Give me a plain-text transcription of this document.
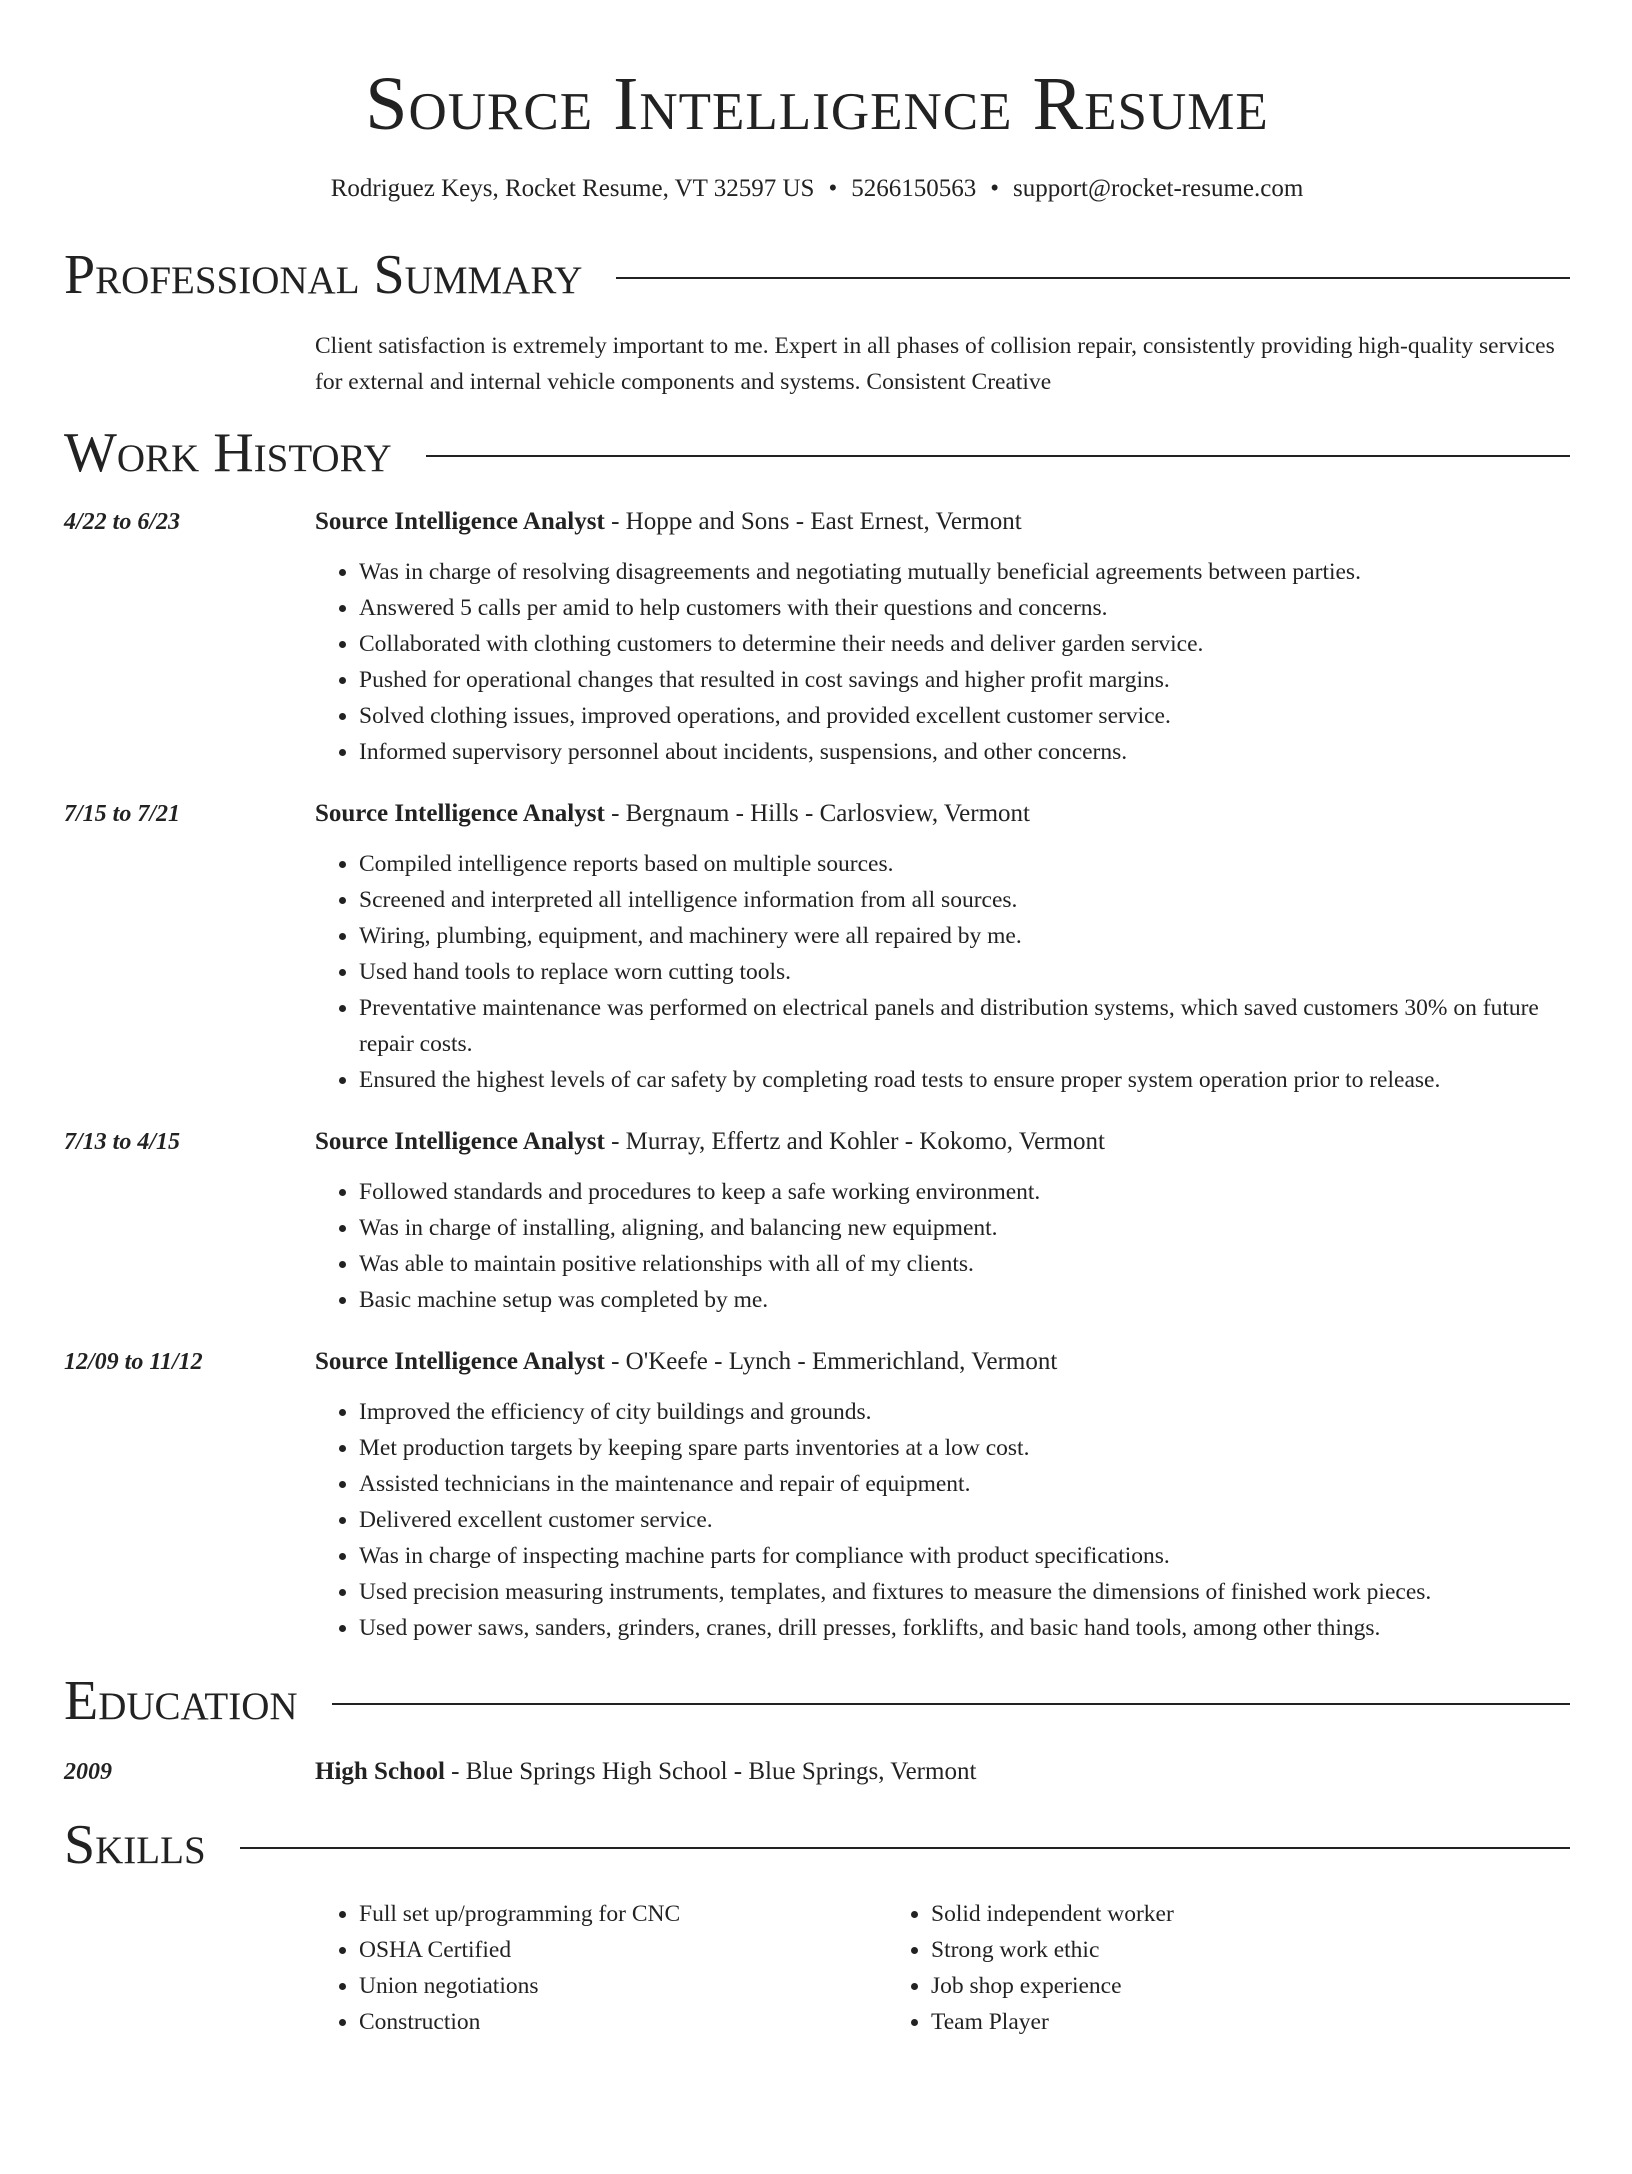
Source Intelligence Resume
Rodriguez Keys, Rocket Resume, VT 32597 US • 5266150563 • support@rocket-resume.com
Professional Summary
Client satisfaction is extremely important to me. Expert in all phases of collision repair, consistently providing high-quality services for external and internal vehicle components and systems. Consistent Creative
Work History
4/22 to 6/23	Source Intelligence Analyst - Hoppe and Sons - East Ernest, Vermont
• Was in charge of resolving disagreements and negotiating mutually beneficial agreements between parties.
• Answered 5 calls per amid to help customers with their questions and concerns.
• Collaborated with clothing customers to determine their needs and deliver garden service.
• Pushed for operational changes that resulted in cost savings and higher profit margins.
• Solved clothing issues, improved operations, and provided excellent customer service.
• Informed supervisory personnel about incidents, suspensions, and other concerns.
7/15 to 7/21	Source Intelligence Analyst - Bergnaum - Hills - Carlosview, Vermont
• Compiled intelligence reports based on multiple sources.
• Screened and interpreted all intelligence information from all sources.
• Wiring, plumbing, equipment, and machinery were all repaired by me.
• Used hand tools to replace worn cutting tools.
• Preventative maintenance was performed on electrical panels and distribution systems, which saved customers 30% on future repair costs.
• Ensured the highest levels of car safety by completing road tests to ensure proper system operation prior to release.
7/13 to 4/15	Source Intelligence Analyst - Murray, Effertz and Kohler - Kokomo, Vermont
• Followed standards and procedures to keep a safe working environment.
• Was in charge of installing, aligning, and balancing new equipment.
• Was able to maintain positive relationships with all of my clients.
• Basic machine setup was completed by me.
12/09 to 11/12	Source Intelligence Analyst - O'Keefe - Lynch - Emmerichland, Vermont
• Improved the efficiency of city buildings and grounds.
• Met production targets by keeping spare parts inventories at a low cost.
• Assisted technicians in the maintenance and repair of equipment.
• Delivered excellent customer service.
• Was in charge of inspecting machine parts for compliance with product specifications.
• Used precision measuring instruments, templates, and fixtures to measure the dimensions of finished work pieces.
• Used power saws, sanders, grinders, cranes, drill presses, forklifts, and basic hand tools, among other things.
Education
2009	High School - Blue Springs High School - Blue Springs, Vermont
Skills
• Full set up/programming for CNC
• OSHA Certified
• Union negotiations
• Construction
• Solid independent worker
• Strong work ethic
• Job shop experience
• Team Player
